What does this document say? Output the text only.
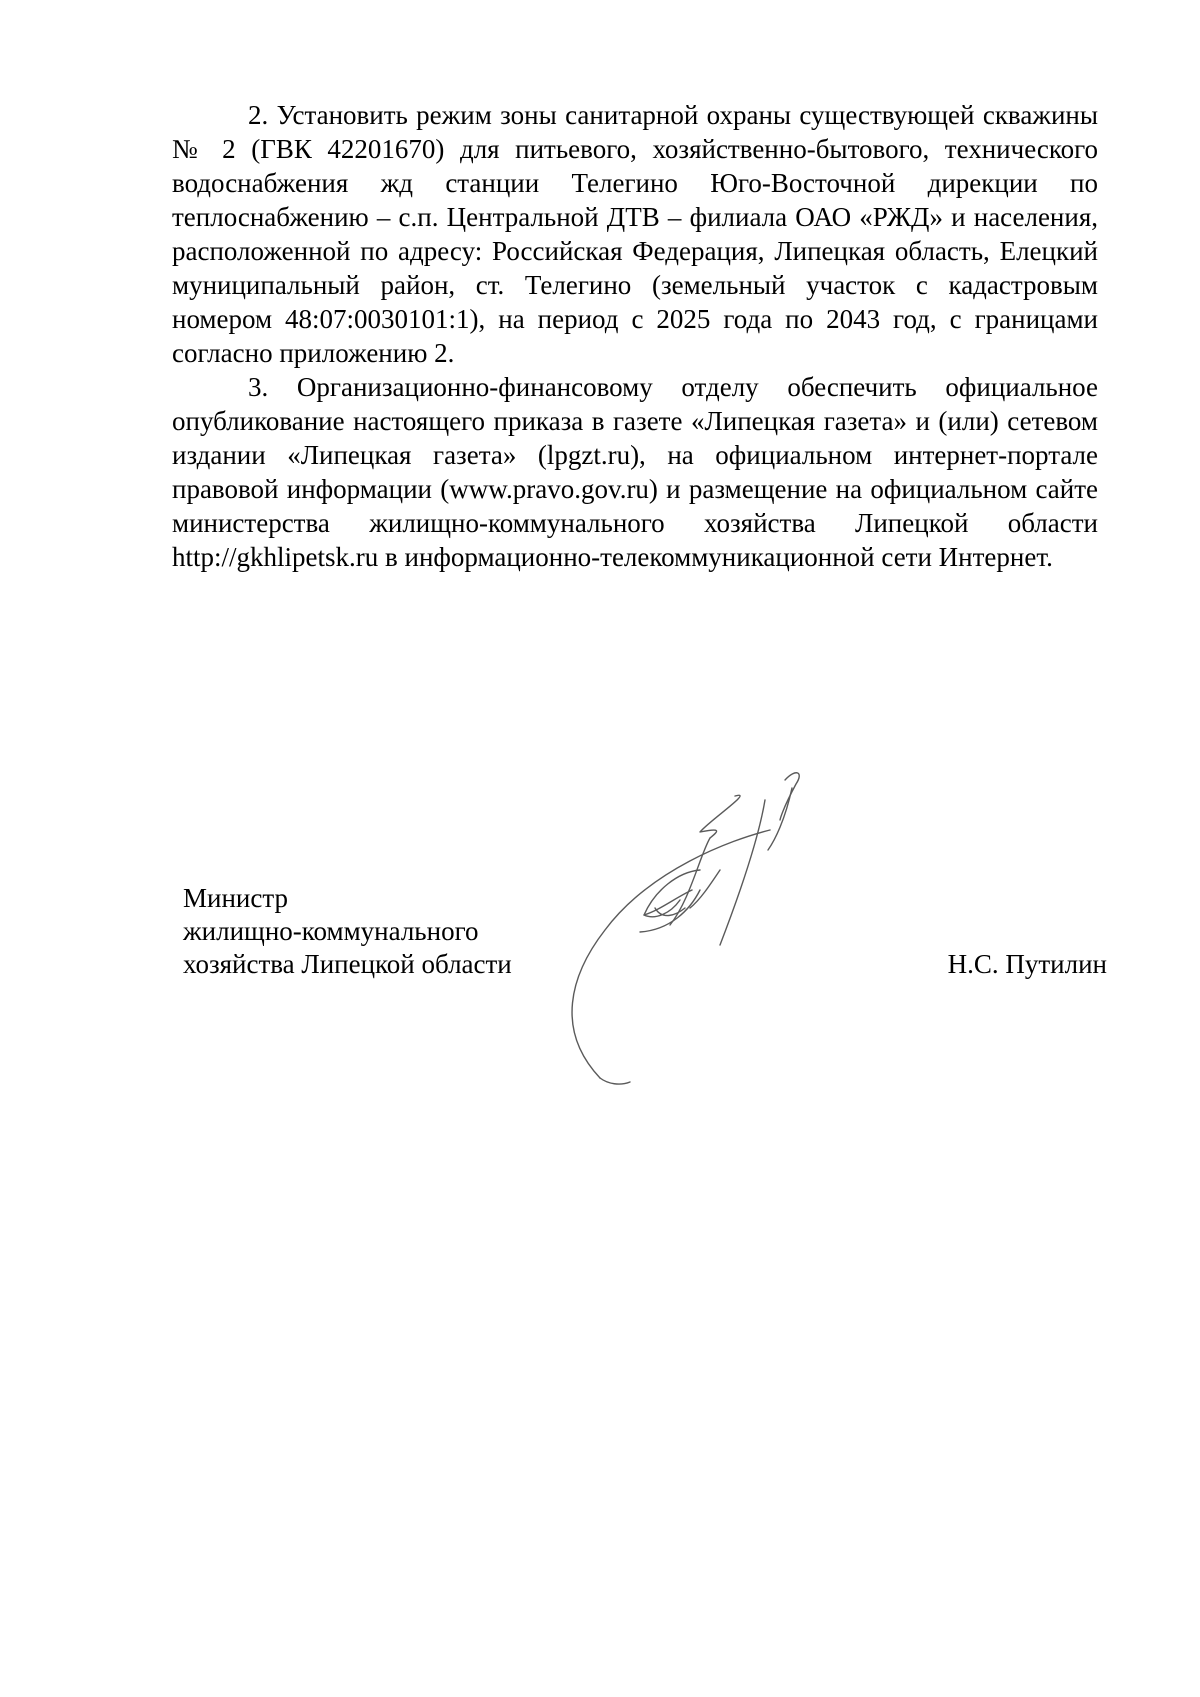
2. Установить режим зоны санитарной охраны существующей скважины № 2 (ГВК 42201670) для питьевого, хозяйственно-бытового, технического водоснабжения жд станции Телегино Юго-Восточной дирекции по теплоснабжению – с.п. Центральной ДТВ – филиала ОАО «РЖД» и населения, расположенной по адресу: Российская Федерация, Липецкая область, Елецкий муниципальный район, ст. Телегино (земельный участок с кадастровым номером 48:07:0030101:1), на период с 2025 года по 2043 год, с границами согласно приложению 2.

3. Организационно-финансовому отделу обеспечить официальное опубликование настоящего приказа в газете «Липецкая газета» и (или) сетевом издании «Липецкая газета» (lpgzt.ru), на официальном интернет-портале правовой информации (www.pravo.gov.ru) и размещение на официальном сайте министерства жилищно-коммунального хозяйства Липецкой области http://gkhlipetsk.ru в информационно-телекоммуникационной сети Интернет.

Министр
жилищно-коммунального
хозяйства Липецкой области	Н.С. Путилин
